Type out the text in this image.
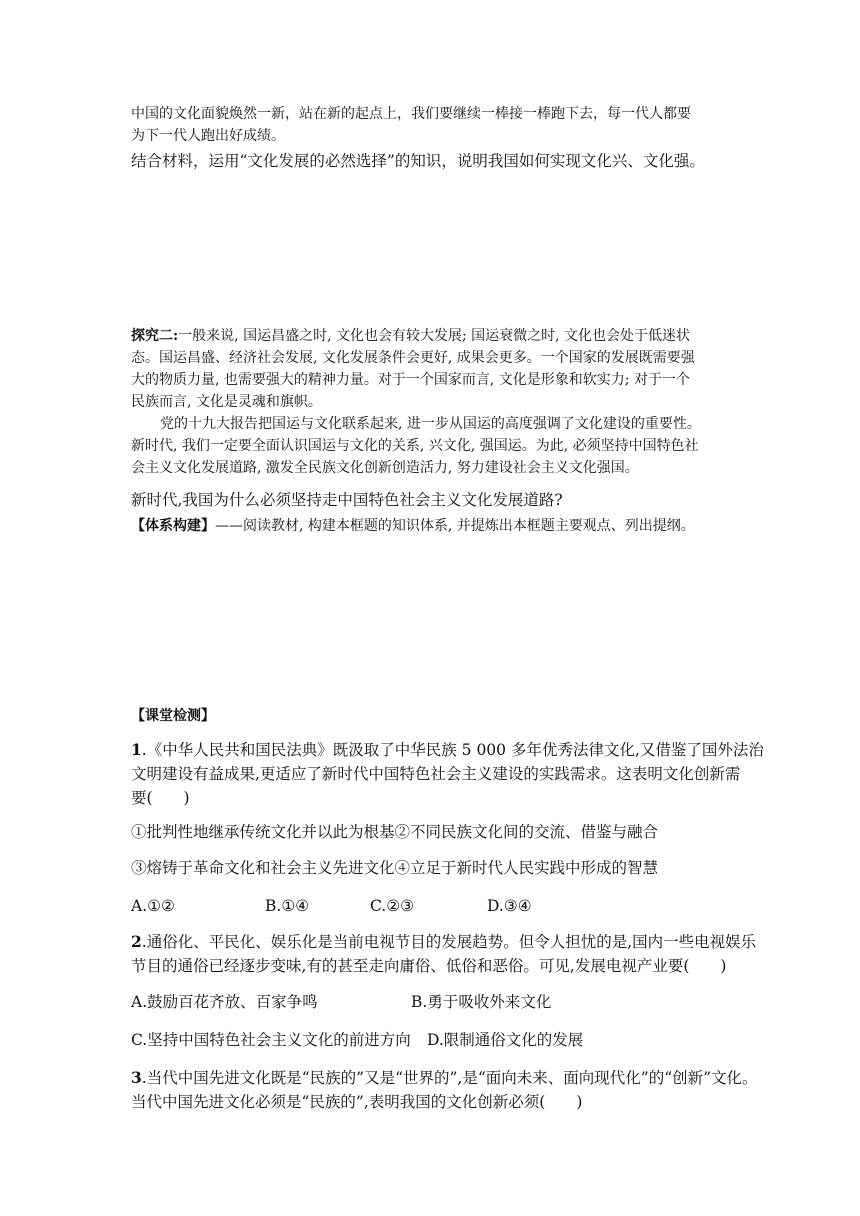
中国的文化面貌焕然一新，站在新的起点上，我们要继续一棒接一棒跑下去，每一代人都要
为下一代人跑出好成绩。
结合材料，运用“文化发展的必然选择”的知识，说明我国如何实现文化兴、文化强。
探究二:一般来说, 国运昌盛之时, 文化也会有较大发展; 国运衰微之时, 文化也会处于低迷状
态。国运昌盛、经济社会发展, 文化发展条件会更好, 成果会更多。一个国家的发展既需要强
大的物质力量, 也需要强大的精神力量。对于一个国家而言, 文化是形象和软实力; 对于一个
民族而言, 文化是灵魂和旗帜。
党的十九大报告把国运与文化联系起来, 进一步从国运的高度强调了文化建设的重要性。
新时代, 我们一定要全面认识国运与文化的关系, 兴文化, 强国运。为此, 必须坚持中国特色社
会主义文化发展道路, 激发全民族文化创新创造活力, 努力建设社会主义文化强国。
新时代,我国为什么必须坚持走中国特色社会主义文化发展道路?
【体系构建】——阅读教材, 构建本框题的知识体系, 并提炼出本框题主要观点、列出提纲。
【课堂检测】
1.《中华人民共和国民法典》既汲取了中华民族 5 000 多年优秀法律文化,又借鉴了国外法治
文明建设有益成果,更适应了新时代中国特色社会主义建设的实践需求。这表明文化创新需
要(　　)
①批判性地继承传统文化并以此为根基②不同民族文化间的交流、借鉴与融合
③熔铸于革命文化和社会主义先进文化④立足于新时代人民实践中形成的智慧
A.①②	B.①④	C.②③	D.③④
2.通俗化、平民化、娱乐化是当前电视节目的发展趋势。但令人担忧的是,国内一些电视娱乐
节目的通俗已经逐步变味,有的甚至走向庸俗、低俗和恶俗。可见,发展电视产业要(　　)
A.鼓励百花齐放、百家争鸣	B.勇于吸收外来文化
C.坚持中国特色社会主义文化的前进方向 D.限制通俗文化的发展
3.当代中国先进文化既是“民族的”又是“世界的”,是“面向未来、面向现代化”的“创新”文化。
当代中国先进文化必须是“民族的”,表明我国的文化创新必须(　　)
